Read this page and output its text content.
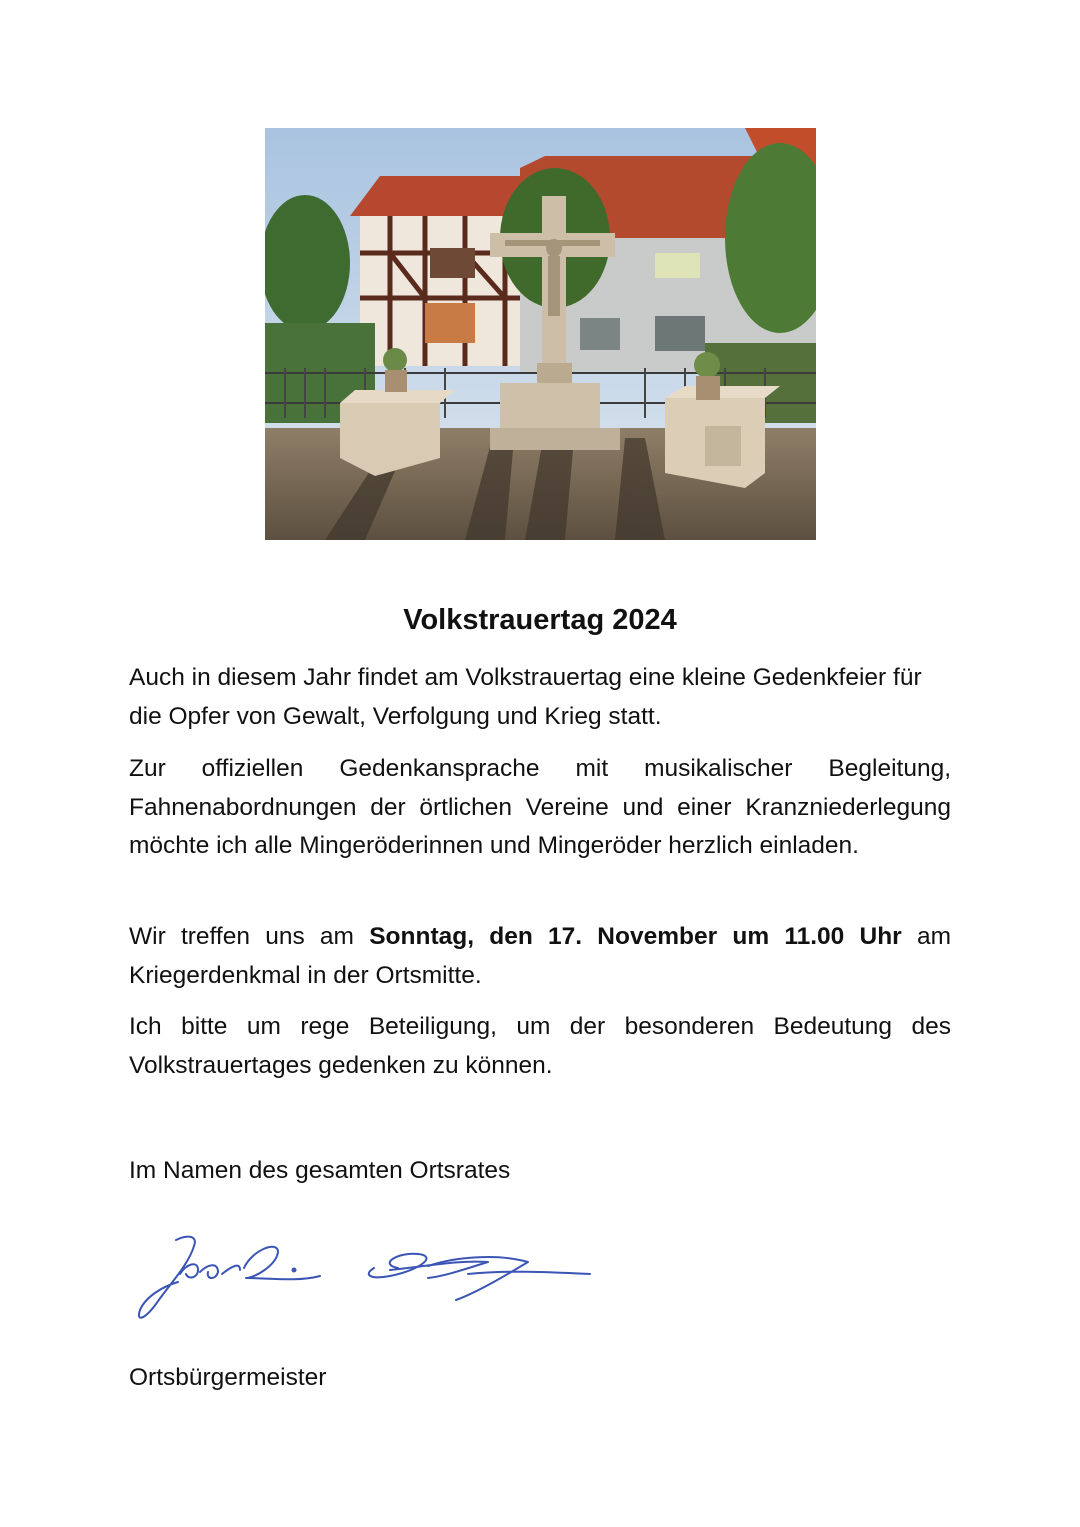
Volkstrauertag 2024

Auch in diesem Jahr findet am Volkstrauertag eine kleine Gedenkfeier für die Opfer von Gewalt, Verfolgung und Krieg statt.

Zur offiziellen Gedenkansprache mit musikalischer Begleitung, Fahnenabordnungen der örtlichen Vereine und einer Kranzniederlegung möchte ich alle Mingeröderinnen und Mingeröder herzlich einladen.

Wir treffen uns am Sonntag, den 17. November um 11.00 Uhr am Kriegerdenkmal in der Ortsmitte.

Ich bitte um rege Beteiligung, um der besonderen Bedeutung des Volkstrauertages gedenken zu können.

Im Namen des gesamten Ortsrates

Ortsbürgermeister
